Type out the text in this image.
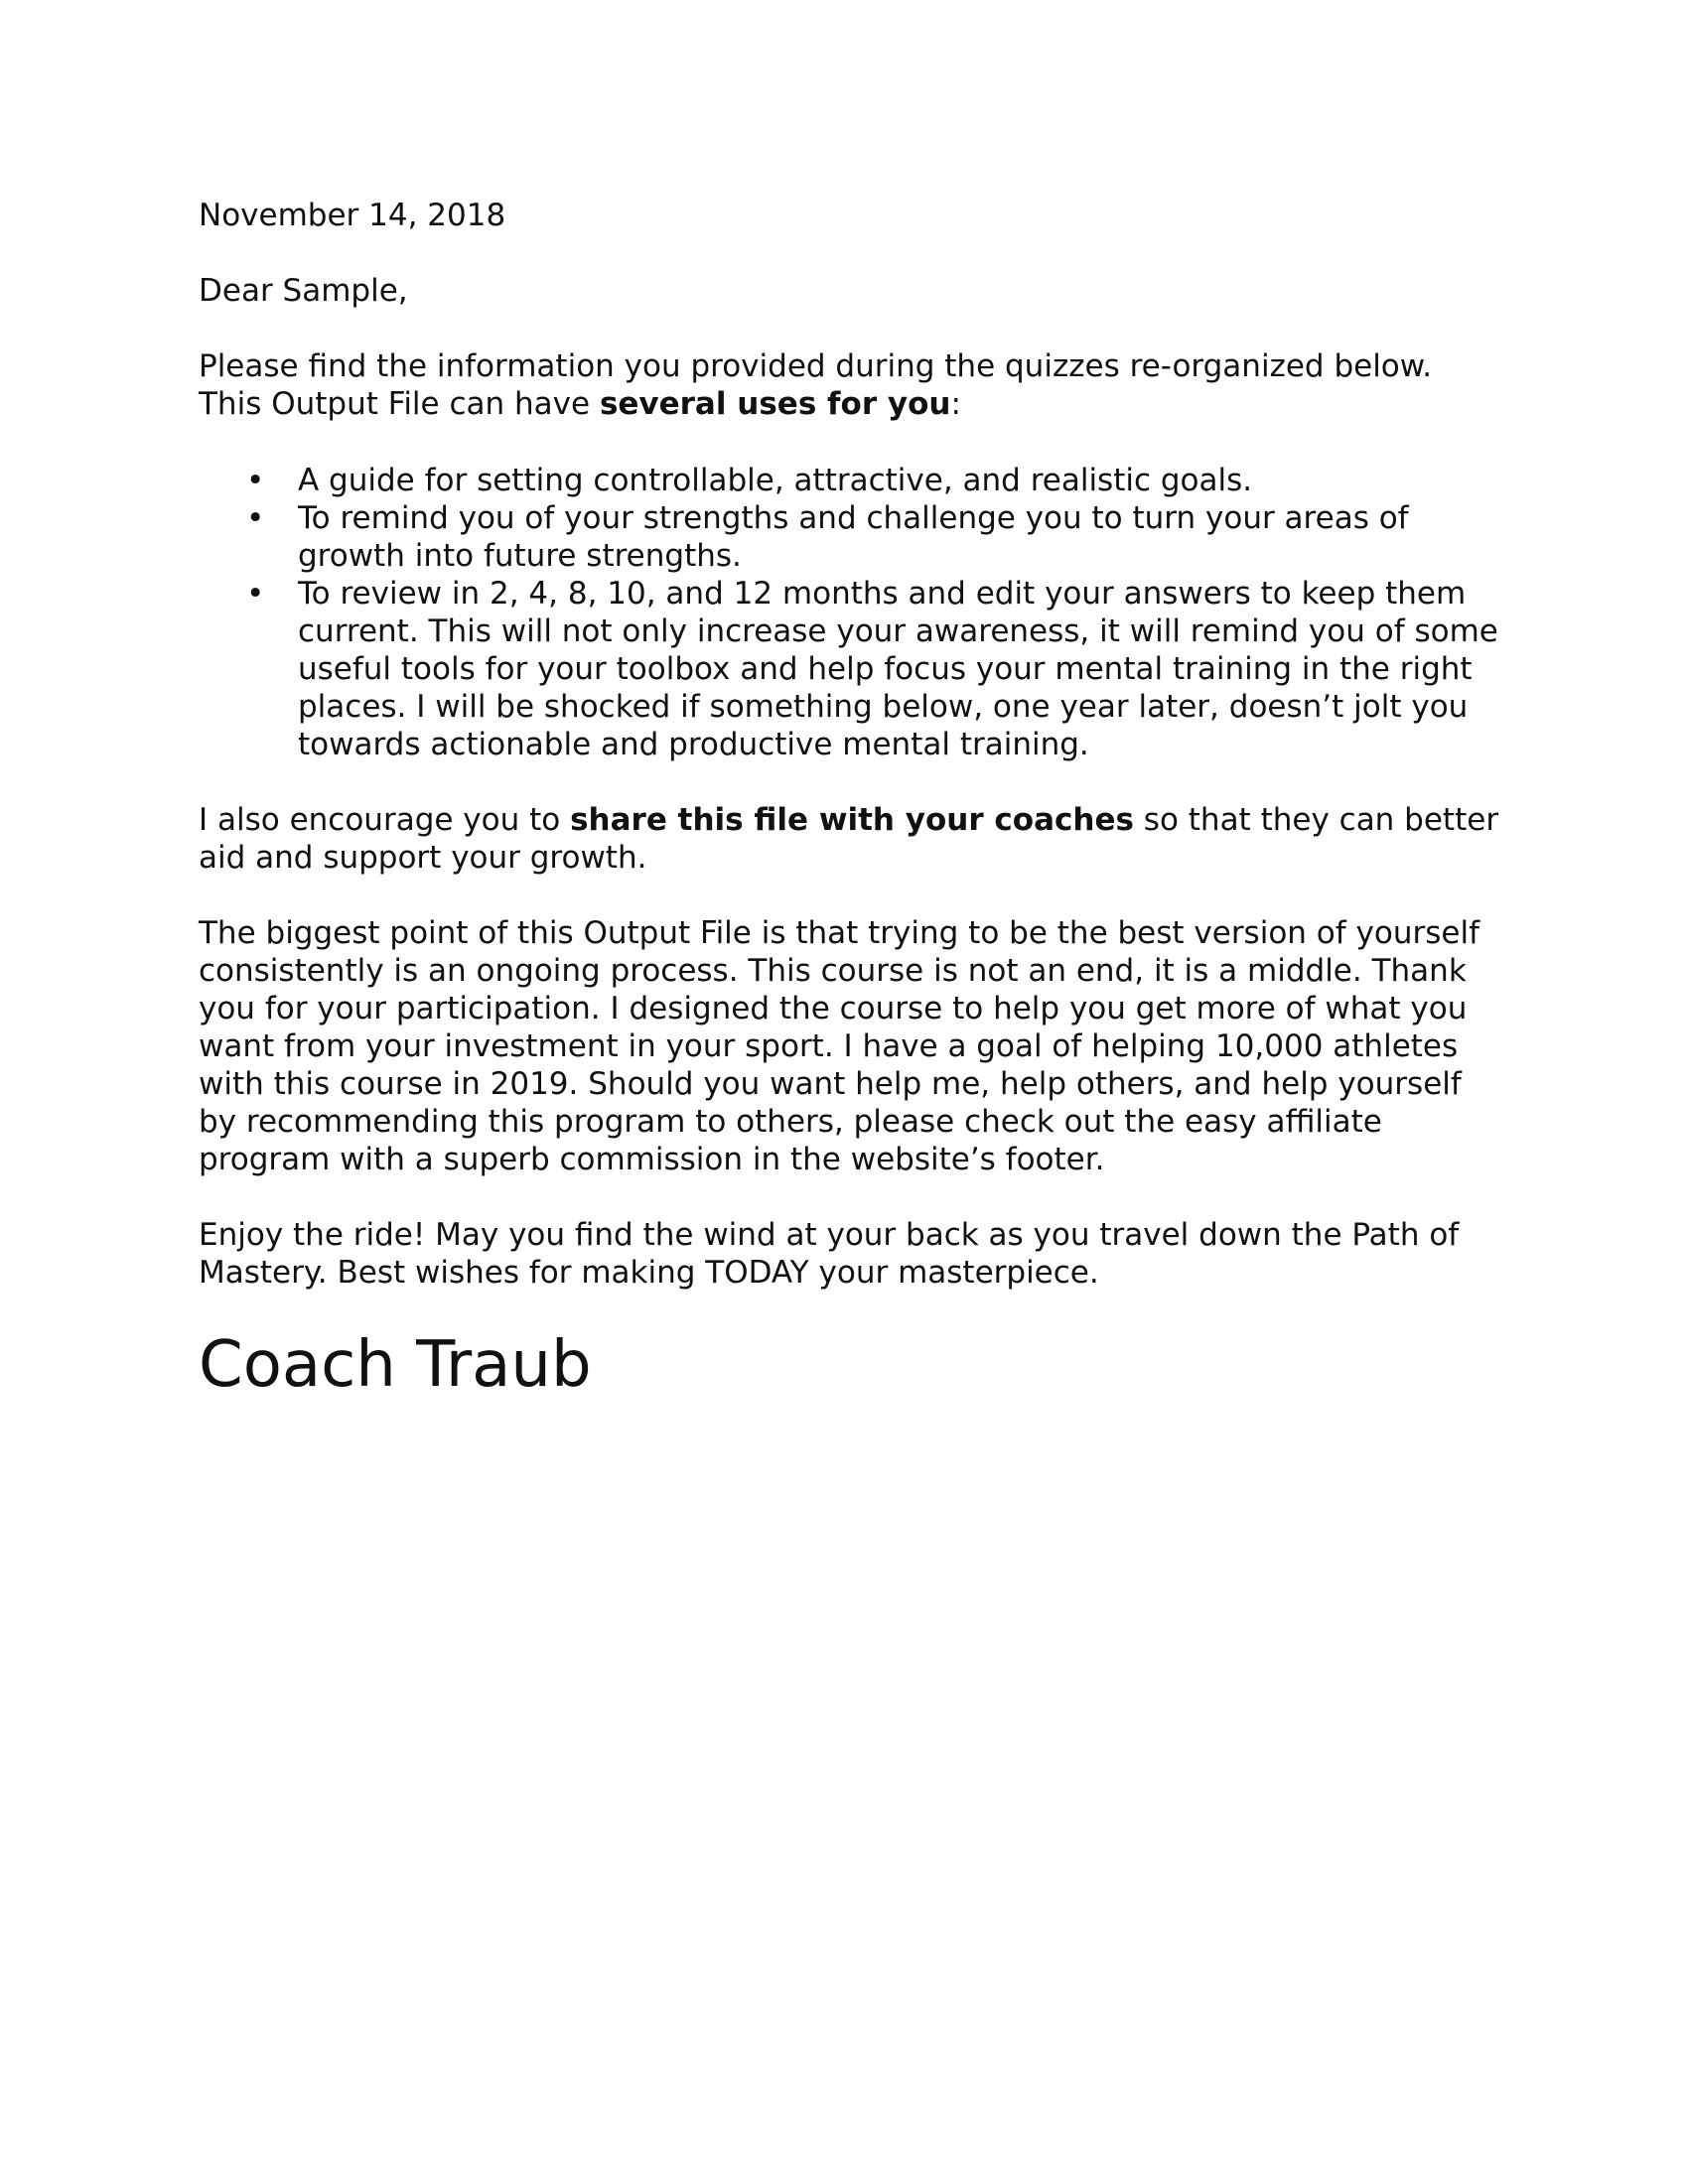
November 14, 2018

Dear Sample,

Please find the information you provided during the quizzes re-organized below. This Output File can have several uses for you:

• A guide for setting controllable, attractive, and realistic goals.
• To remind you of your strengths and challenge you to turn your areas of growth into future strengths.
• To review in 2, 4, 8, 10, and 12 months and edit your answers to keep them current. This will not only increase your awareness, it will remind you of some useful tools for your toolbox and help focus your mental training in the right places. I will be shocked if something below, one year later, doesn’t jolt you towards actionable and productive mental training.

I also encourage you to share this file with your coaches so that they can better aid and support your growth.

The biggest point of this Output File is that trying to be the best version of yourself consistently is an ongoing process. This course is not an end, it is a middle. Thank you for your participation. I designed the course to help you get more of what you want from your investment in your sport. I have a goal of helping 10,000 athletes with this course in 2019. Should you want help me, help others, and help yourself by recommending this program to others, please check out the easy affiliate program with a superb commission in the website’s footer.

Enjoy the ride! May you find the wind at your back as you travel down the Path of Mastery. Best wishes for making TODAY your masterpiece.

Coach Traub
